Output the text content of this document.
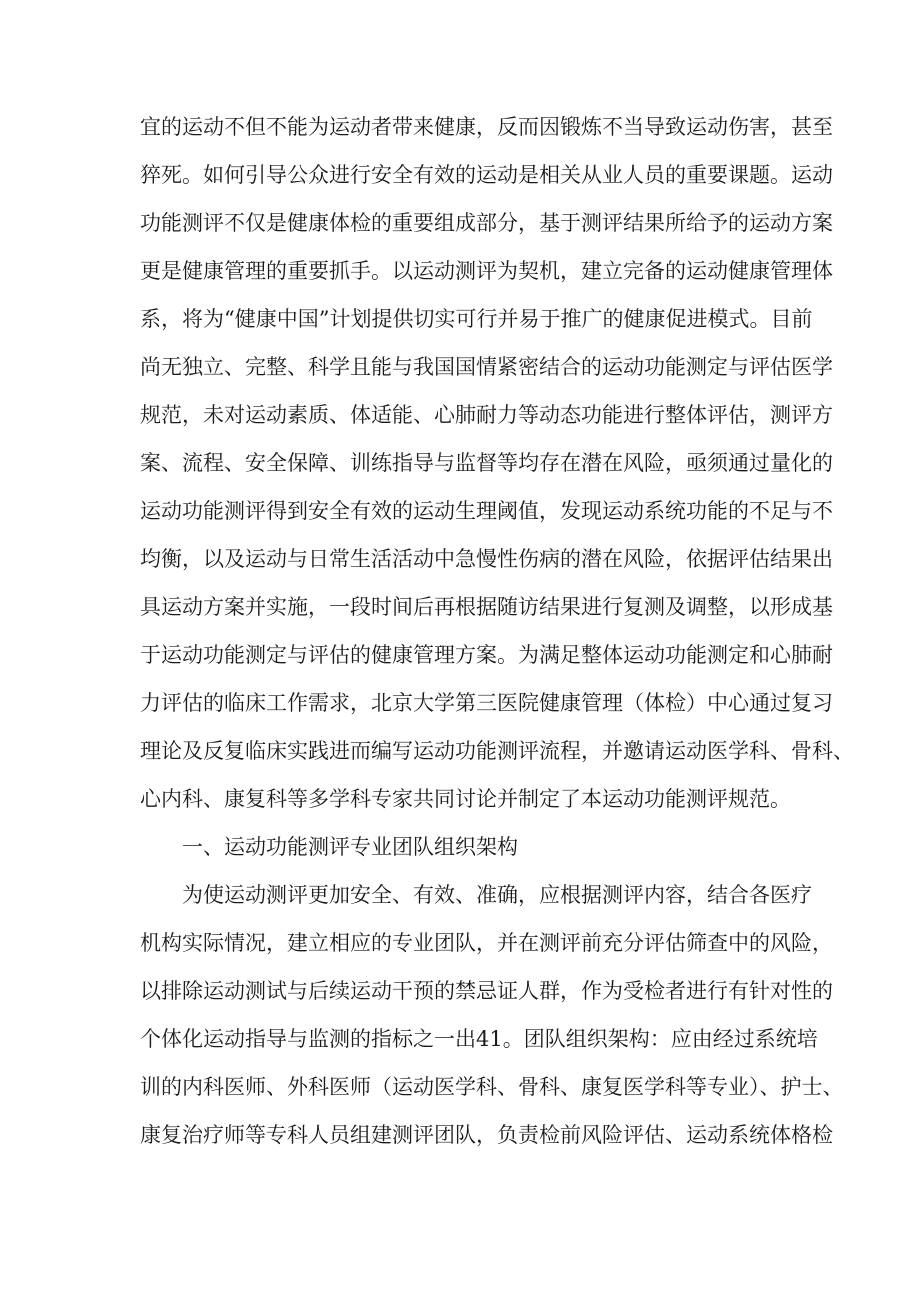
宜的运动不但不能为运动者带来健康，反而因锻炼不当导致运动伤害，甚至

猝死。如何引导公众进行安全有效的运动是相关从业人员的重要课题。运动

功能测评不仅是健康体检的重要组成部分，基于测评结果所给予的运动方案

更是健康管理的重要抓手。以运动测评为契机，建立完备的运动健康管理体

系，将为“健康中国”计划提供切实可行并易于推广的健康促进模式。目前

尚无独立、完整、科学且能与我国国情紧密结合的运动功能测定与评估医学

规范，未对运动素质、体适能、心肺耐力等动态功能进行整体评估，测评方

案、流程、安全保障、训练指导与监督等均存在潜在风险，亟须通过量化的

运动功能测评得到安全有效的运动生理阈值，发现运动系统功能的不足与不

均衡，以及运动与日常生活活动中急慢性伤病的潜在风险，依据评估结果出

具运动方案并实施，一段时间后再根据随访结果进行复测及调整，以形成基

于运动功能测定与评估的健康管理方案。为满足整体运动功能测定和心肺耐

力评估的临床工作需求，北京大学第三医院健康管理（体检）中心通过复习

理论及反复临床实践进而编写运动功能测评流程，并邀请运动医学科、骨科、

心内科、康复科等多学科专家共同讨论并制定了本运动功能测评规范。

一、运动功能测评专业团队组织架构

为使运动测评更加安全、有效、准确，应根据测评内容，结合各医疗

机构实际情况，建立相应的专业团队，并在测评前充分评估筛查中的风险，

以排除运动测试与后续运动干预的禁忌证人群，作为受检者进行有针对性的

个体化运动指导与监测的指标之一出41。团队组织架构：应由经过系统培

训的内科医师、外科医师（运动医学科、骨科、康复医学科等专业）、护士、

康复治疗师等专科人员组建测评团队，负责检前风险评估、运动系统体格检
